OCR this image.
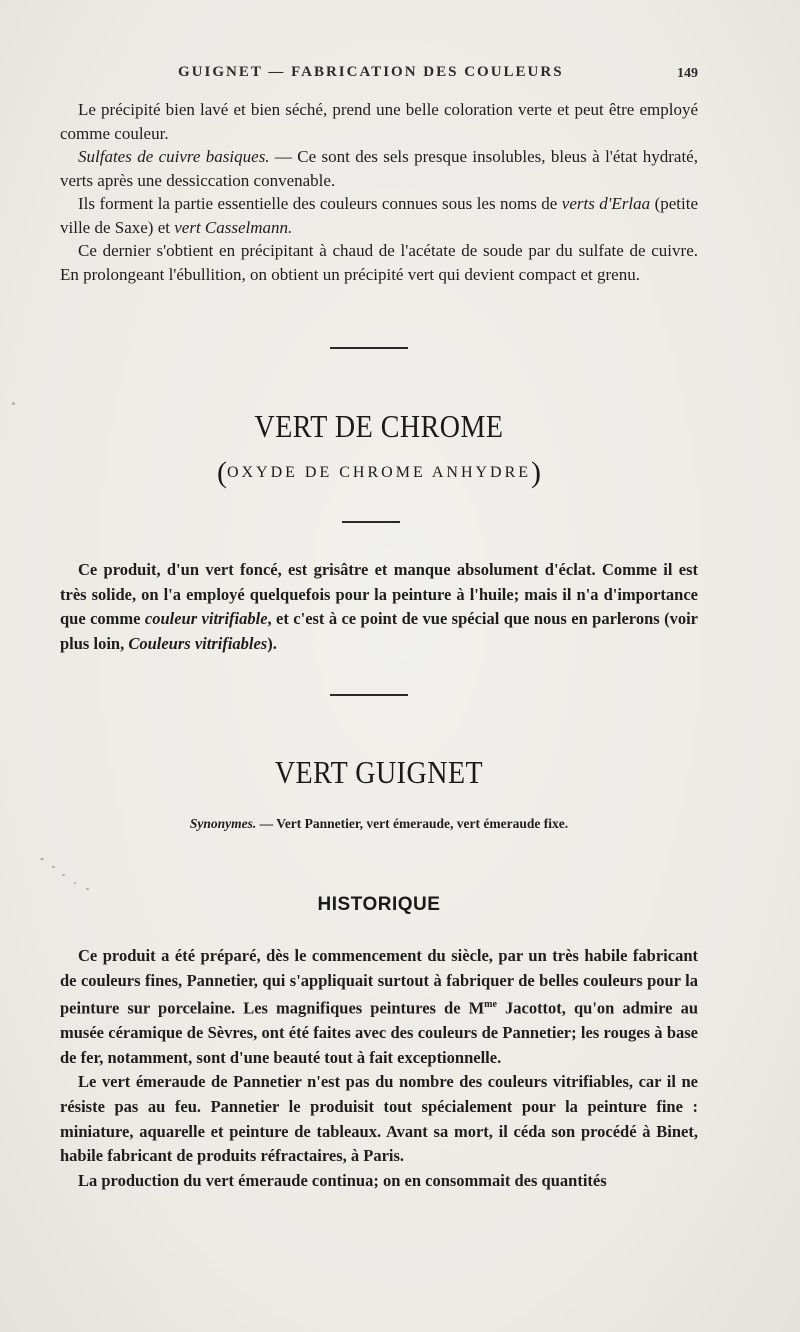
GUIGNET — FABRICATION DES COULEURS	149

Le précipité bien lavé et bien séché, prend une belle coloration verte et peut être employé comme couleur.

Sulfates de cuivre basiques. — Ce sont des sels presque insolubles, bleus à l'état hydraté, verts après une dessiccation convenable.

Ils forment la partie essentielle des couleurs connues sous les noms de verts d'Erlaa (petite ville de Saxe) et vert Casselmann.

Ce dernier s'obtient en précipitant à chaud de l'acétate de soude par du sulfate de cuivre. En prolongeant l'ébullition, on obtient un précipité vert qui devient compact et grenu.

VERT DE CHROME
(OXYDE DE CHROME ANHYDRE)

Ce produit, d'un vert foncé, est grisâtre et manque absolument d'éclat. Comme il est très solide, on l'a employé quelquefois pour la peinture à l'huile; mais il n'a d'importance que comme couleur vitrifiable, et c'est à ce point de vue spécial que nous en parlerons (voir plus loin, Couleurs vitrifiables).

VERT GUIGNET
Synonymes. — Vert Pannetier, vert émeraude, vert émeraude fixe.
HISTORIQUE

Ce produit a été préparé, dès le commencement du siècle, par un très habile fabricant de couleurs fines, Pannetier, qui s'appliquait surtout à fabriquer de belles couleurs pour la peinture sur porcelaine. Les magnifiques peintures de $M^{me}$ Jacottot, qu'on admire au musée céramique de Sèvres, ont été faites avec des couleurs de Pannetier; les rouges à base de fer, notamment, sont d'une beauté tout à fait exceptionnelle.

Le vert émeraude de Pannetier n'est pas du nombre des couleurs vitrifiables, car il ne résiste pas au feu. Pannetier le produisit tout spécialement pour la peinture fine : miniature, aquarelle et peinture de tableaux. Avant sa mort, il céda son procédé à Binet, habile fabricant de produits réfractaires, à Paris.

La production du vert émeraude continua; on en consommait des quantités
